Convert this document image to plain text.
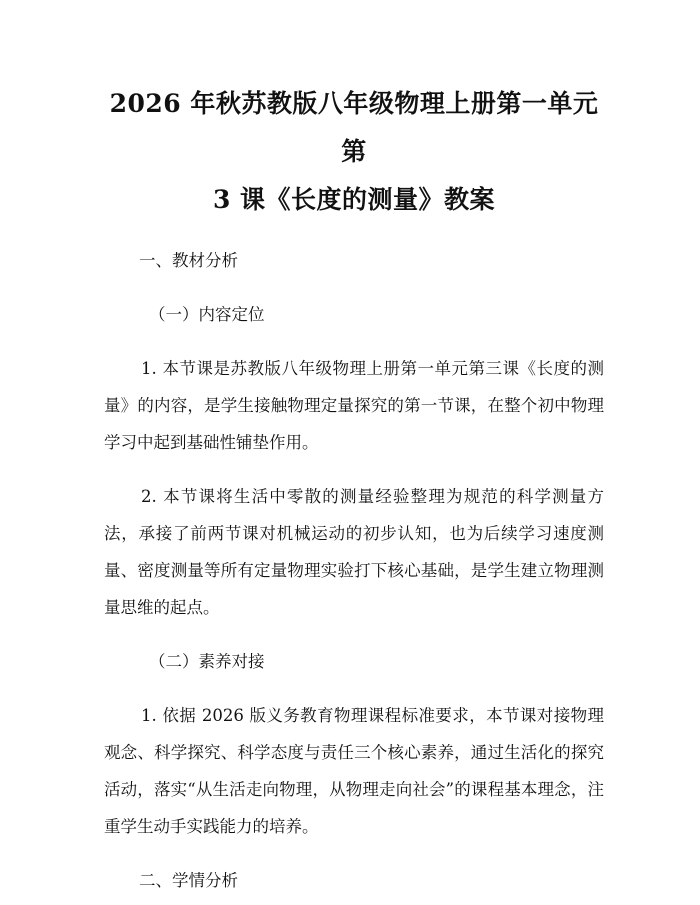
2026 年秋苏教版八年级物理上册第一单元第
3 课《长度的测量》教案

一、教材分析

（一）内容定位

1. 本节课是苏教版八年级物理上册第一单元第三课《长度的测量》的内容，是学生接触物理定量探究的第一节课，在整个初中物理学习中起到基础性铺垫作用。

2. 本节课将生活中零散的测量经验整理为规范的科学测量方法，承接了前两节课对机械运动的初步认知，也为后续学习速度测量、密度测量等所有定量物理实验打下核心基础，是学生建立物理测量思维的起点。

（二）素养对接

1. 依据 2026 版义务教育物理课程标准要求，本节课对接物理观念、科学探究、科学态度与责任三个核心素养，通过生活化的探究活动，落实“从生活走向物理，从物理走向社会”的课程基本理念，注重学生动手实践能力的培养。

二、学情分析
